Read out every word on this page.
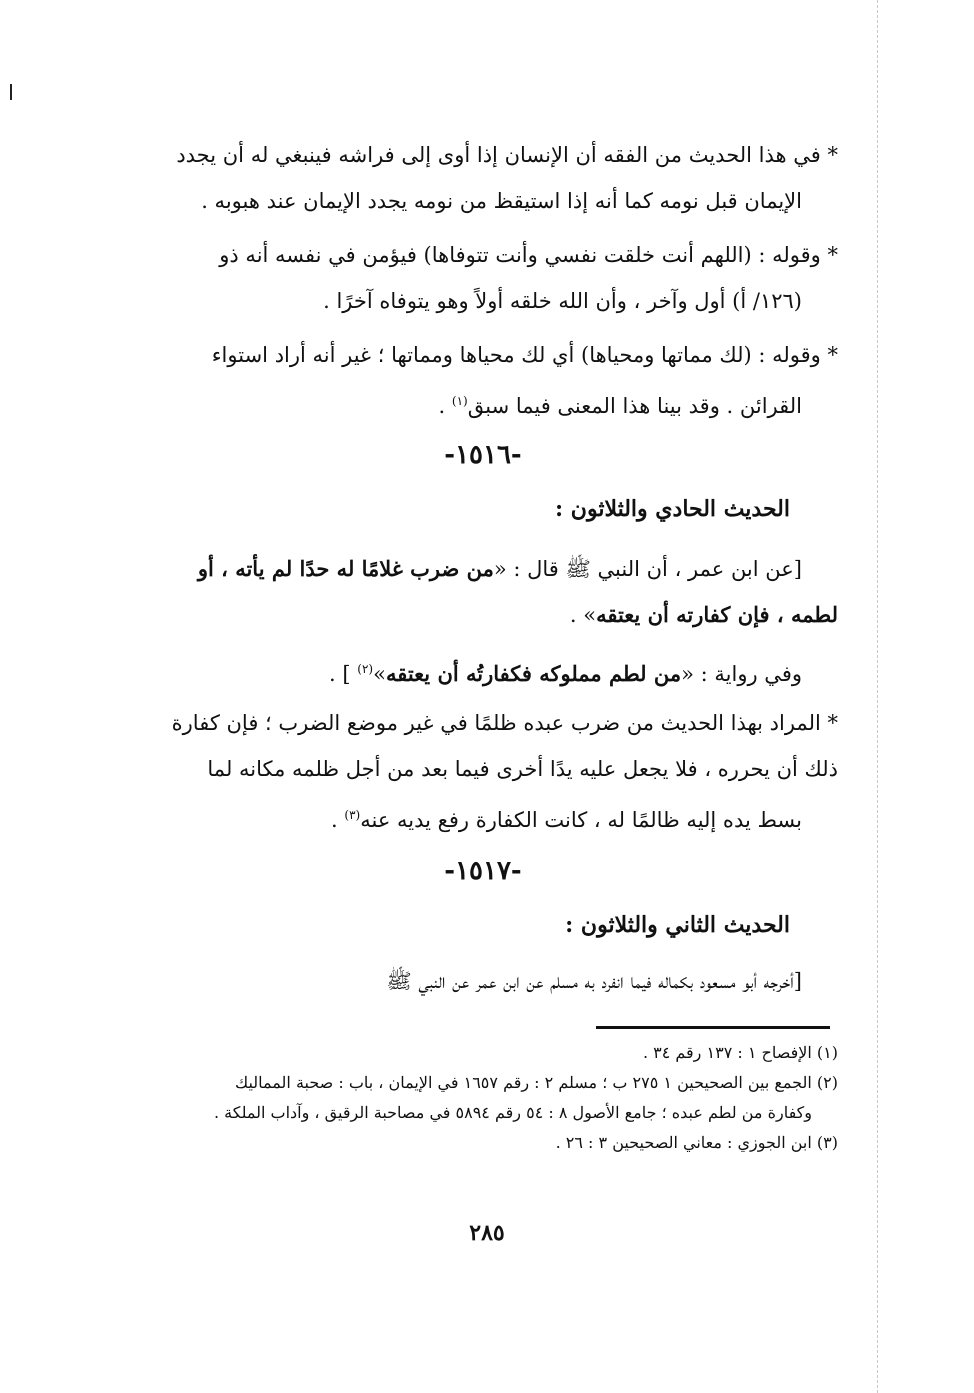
* في هذا الحديث من الفقه أن الإنسان إذا أوى إلى فراشه فينبغي له أن يجدد
الإيمان قبل نومه كما أنه إذا استيقظ من نومه يجدد الإيمان عند هبوبه .
* وقوله : (اللهم أنت خلقت نفسي وأنت تتوفاها) فيؤمن في نفسه أنه ذو
(١٢٦/ أ) أول وآخر ، وأن الله خلقه أولاً وهو يتوفاه آخرًا .
* وقوله : (لك مماتها ومحياها) أي لك محياها ومماتها ؛ غير أنه أراد استواء
القرائن . وقد بينا هذا المعنى فيما سبق$^{(١)}$ .
-١٥١٦-
الحديث الحادي والثلاثون :
[عن ابن عمر ، أن النبي ﷺ قال : «من ضرب غلامًا له حدًا لم يأته ، أو
لطمه ، فإن كفارته أن يعتقه» .
وفي رواية : «من لطم مملوكه فكفارتُه أن يعتقه»$^{(٢)}$ ] .
* المراد بهذا الحديث من ضرب عبده ظلمًا في غير موضع الضرب ؛ فإن كفارة
ذلك أن يحرره ، فلا يجعل عليه يدًا أخرى فيما بعد من أجل ظلمه مكانه لما
بسط يده إليه ظالمًا له ، كانت الكفارة رفع يديه عنه$^{(٣)}$ .
-١٥١٧-
الحديث الثاني والثلاثون :
[أخرجه أبو مسعود بكماله فيما انفرد به مسلم عن ابن عمر عن النبي ﷺ

(١) الإفصاح ١ : ١٣٧ رقم ٣٤ .

(٢) الجمع بين الصحيحين ١ ٢٧٥ ب ؛ مسلم ٢ : رقم ١٦٥٧ في الإيمان ، باب : صحبة المماليك

وكفارة من لطم عبده ؛ جامع الأصول ٨ : ٥٤ رقم ٥٨٩٤ في مصاحبة الرقيق ، وآداب الملكة .

(٣) ابن الجوزي : معاني الصحيحين ٣ : ٢٦ .

٢٨٥
